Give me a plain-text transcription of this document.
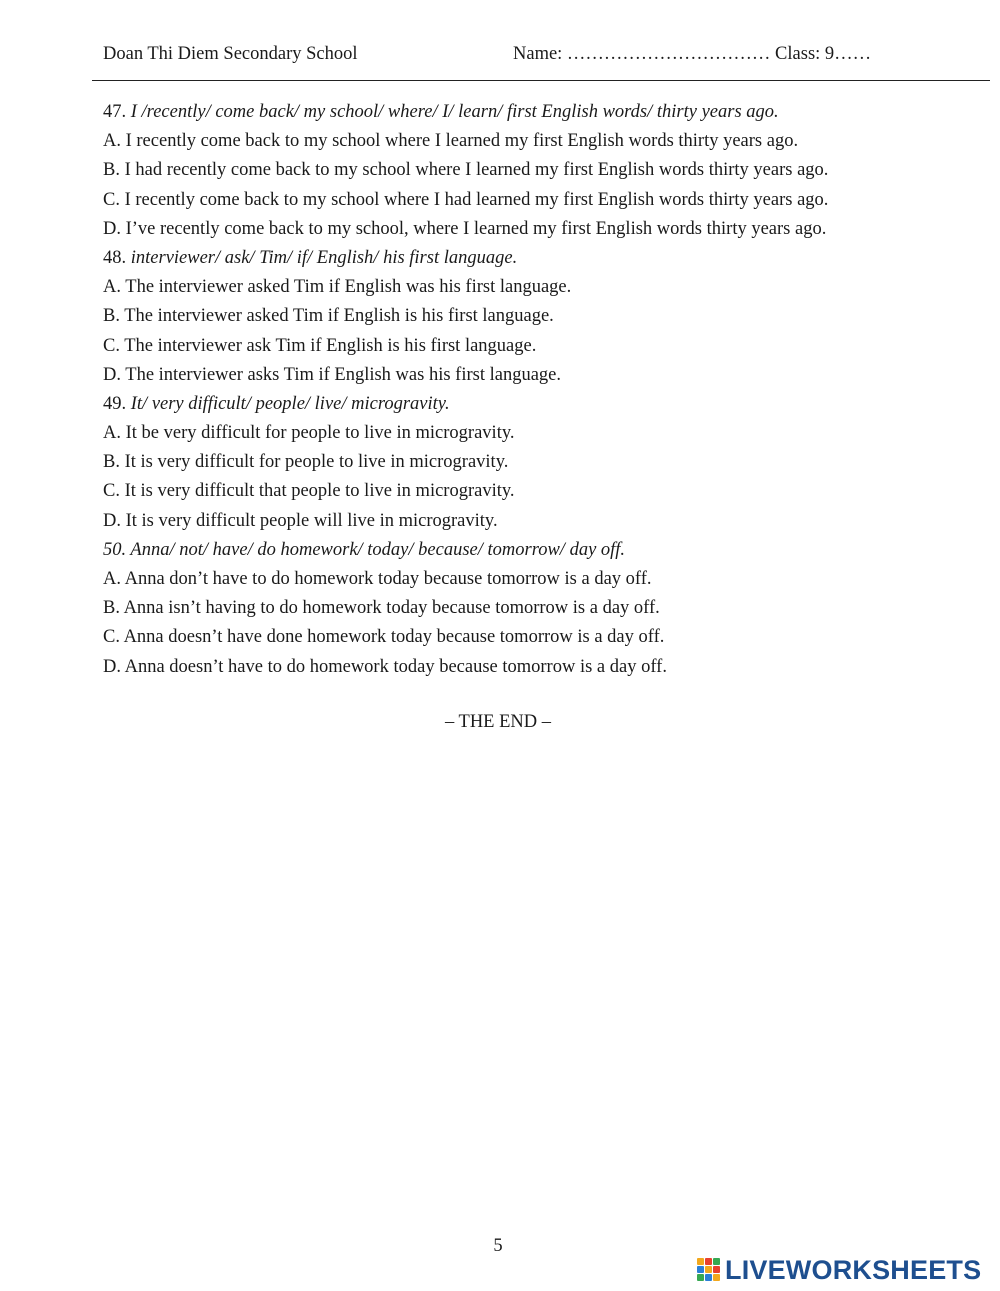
Doan Thi Diem Secondary School	Name: …………………………… Class: 9……
47. I /recently/ come back/ my school/ where/ I/ learn/ first English words/ thirty years ago.
A. I recently come back to my school where I learned my first English words thirty years ago.
B. I had recently come back to my school where I learned my first English words thirty years ago.
C. I recently come back to my school where I had learned my first English words thirty years ago.
D. I’ve recently come back to my school, where I learned my first English words thirty years ago.
48. interviewer/ ask/ Tim/ if/ English/ his first language.
A. The interviewer asked Tim if English was his first language.
B. The interviewer asked Tim if English is his first language.
C. The interviewer ask Tim if English is his first language.
D. The interviewer asks Tim if English was his first language.
49. It/ very difficult/ people/ live/ microgravity.
A. It be very difficult for people to live in microgravity.
B. It is very difficult for people to live in microgravity.
C. It is very difficult that people to live in microgravity.
D. It is very difficult people will live in microgravity.
50. Anna/ not/ have/ do homework/ today/ because/ tomorrow/ day off.
A. Anna don’t have to do homework today because tomorrow is a day off.
B. Anna isn’t having to do homework today because tomorrow is a day off.
C. Anna doesn’t have done homework today because tomorrow is a day off.
D. Anna doesn’t have to do homework today because tomorrow is a day off.
– THE END –
5
LIVEWORKSHEETS
